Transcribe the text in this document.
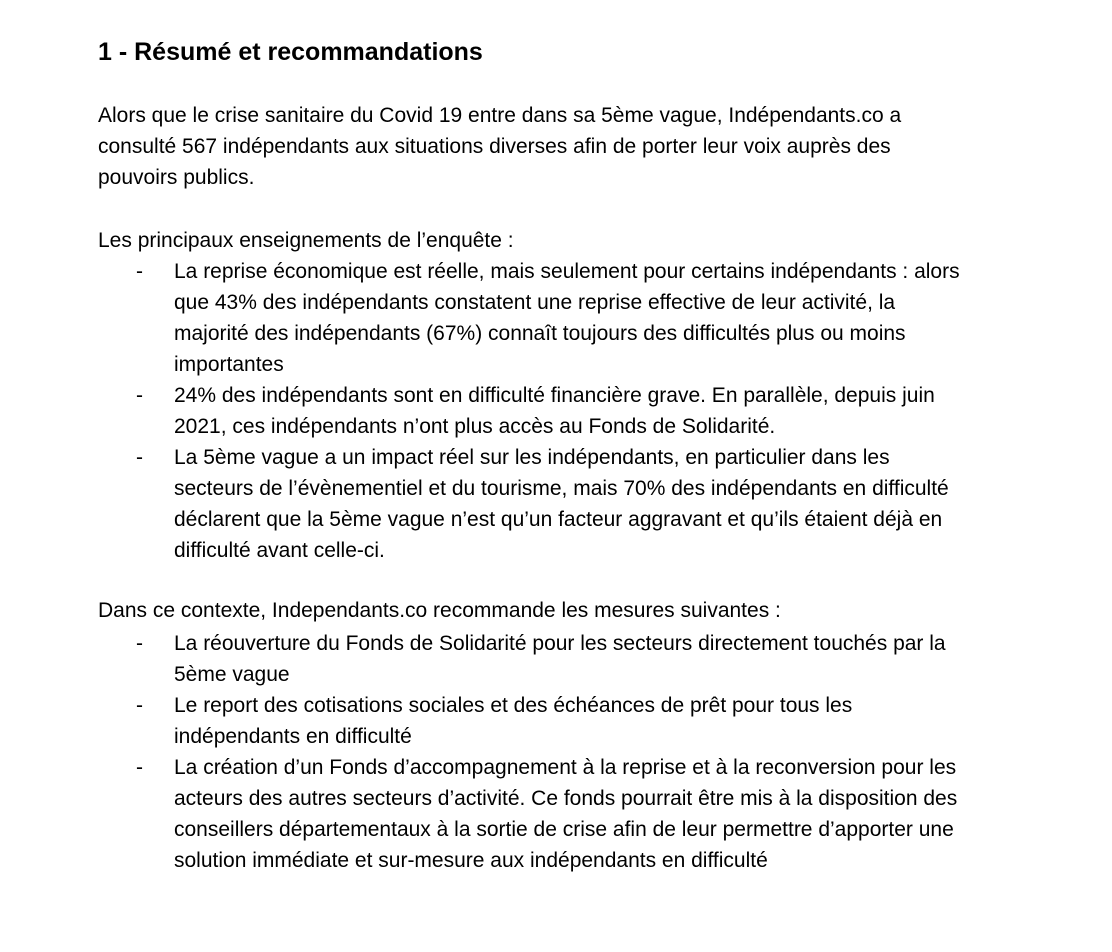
1 - Résumé et recommandations

Alors que le crise sanitaire du Covid 19 entre dans sa 5ème vague, Indépendants.co a
consulté 567 indépendants aux situations diverses afin de porter leur voix auprès des
pouvoirs publics.

Les principaux enseignements de l’enquête :

- La reprise économique est réelle, mais seulement pour certains indépendants : alors
que 43% des indépendants constatent une reprise effective de leur activité, la
majorité des indépendants (67%) connaît toujours des difficultés plus ou moins
importantes
- 24% des indépendants sont en difficulté financière grave. En parallèle, depuis juin
2021, ces indépendants n’ont plus accès au Fonds de Solidarité.
- La 5ème vague a un impact réel sur les indépendants, en particulier dans les
secteurs de l’évènementiel et du tourisme, mais 70% des indépendants en difficulté
déclarent que la 5ème vague n’est qu’un facteur aggravant et qu’ils étaient déjà en
difficulté avant celle-ci.

Dans ce contexte, Independants.co recommande les mesures suivantes :

- La réouverture du Fonds de Solidarité pour les secteurs directement touchés par la
5ème vague
- Le report des cotisations sociales et des échéances de prêt pour tous les
indépendants en difficulté
- La création d’un Fonds d’accompagnement à la reprise et à la reconversion pour les
acteurs des autres secteurs d’activité. Ce fonds pourrait être mis à la disposition des
conseillers départementaux à la sortie de crise afin de leur permettre d’apporter une
solution immédiate et sur-mesure aux indépendants en difficulté
